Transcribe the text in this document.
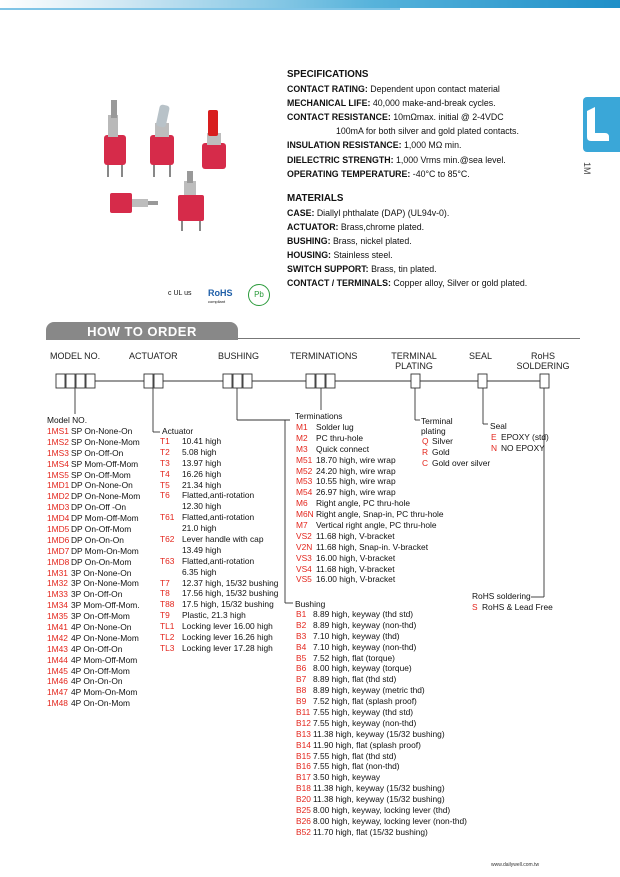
c UL us RoHS
compliant
Pb
SPECIFICATIONS
CONTACT RATING: Dependent upon contact material
MECHANICAL LIFE: 40,000 make-and-break cycles.
CONTACT RESISTANCE: 10mΩmax. initial @ 2-4VDC
100mA for both silver and gold plated contacts.
INSULATION RESISTANCE: 1,000 MΩ min.
DIELECTRIC STRENGTH: 1,000 Vrms min.@sea level.
OPERATING TEMPERATURE: -40°C to 85°C.
MATERIALS
CASE: Diallyl phthalate (DAP) (UL94v-0).
ACTUATOR: Brass,chrome plated.
BUSHING: Brass, nickel plated.
HOUSING: Stainless steel.
SWITCH SUPPORT: Brass, tin plated.
CONTACT / TERMINALS: Copper alloy, Silver or gold plated.
1M
HOW TO ORDER
MODEL NO.	ACTUATOR	BUSHING	TERMINATIONS	TERMINAL
PLATING
SEAL	RoHS
SOLDERING
Model NO.
1MS1 SP On-None-On
1MS2 SP On-None-Mom
1MS3 SP On-Off-On
1MS4 SP Mom-Off-Mom
1MS5 SP On-Off-Mom
1MD1 DP On-None-On
1MD2 DP On-None-Mom
1MD3 DP On-Off -On
1MD4 DP Mom-Off-Mom
1MD5 DP On-Off-Mom
1MD6 DP On-On-On
1MD7 DP Mom-On-Mom
1MD8 DP On-On-Mom
1M31 3P On-None-On
1M32 3P On-None-Mom
1M33 3P On-Off-On
1M34 3P Mom-Off-Mom.
1M35 3P On-Off-Mom
1M41 4P On-None-On
1M42 4P On-None-Mom
1M43 4P On-Off-On
1M44 4P Mom-Off-Mom
1M45 4P On-Off-Mom
1M46 4P On-On-On
1M47 4P Mom-On-Mom
1M48 4P On-On-Mom
Actuator
T1 10.41 high
T2 5.08 high
T3 13.97 high
T4 16.26 high
T5 21.34 high
T6 Flatted,anti-rotation
12.30 high
T61 Flatted,anti-rotation
21.0 high
T62 Lever handle with cap
13.49 high
T63 Flatted,anti-rotation
6.35 high
T7 12.37 high, 15/32 bushing
T8 17.56 high, 15/32 bushing
T88 17.5 high, 15/32 bushing
T9 Plastic, 21.3 high
TL1 Locking lever 16.00 high
TL2 Locking lever 16.26 high
TL3 Locking lever 17.28 high
Terminations
M1 Solder lug
M2 PC thru-hole
M3 Quick connect
M51 18.70 high, wire wrap
M52 24.20 high, wire wrap
M53 10.55 high, wire wrap
M54 26.97 high, wire wrap
M6 Right angle, PC thru-hole
M6N Right angle, Snap-in, PC thru-hole
M7 Vertical right angle, PC thru-hole
VS2 11.68 high, V-bracket
V2N 11.68 high, Snap-in. V-bracket
VS3 16.00 high, V-bracket
VS4 11.68 high, V-bracket
VS5 16.00 high, V-bracket
Bushing
B1 8.89 high, keyway (thd std)
B2 8.89 high, keyway (non-thd)
B3 7.10 high, keyway (thd)
B4 7.10 high, keyway (non-thd)
B5 7.52 high, flat (torque)
B6 8.00 high, keyway (torque)
B7 8.89 high, flat (thd std)
B8 8.89 high, keyway (metric thd)
B9 7.52 high, flat (splash proof)
B11 7.55 high, keyway (thd std)
B12 7.55 high, keyway (non-thd)
B13 11.38 high, keyway (15/32 bushing)
B14 11.90 high, flat (splash proof)
B15 7.55 high, flat (thd std)
B16 7.55 high, flat (non-thd)
B17 3.50 high, keyway
B18 11.38 high, keyway (15/32 bushing)
B20 11.38 high, keyway (15/32 bushing)
B25 8.00 high, keyway, locking lever (thd)
B26 8.00 high, keyway, locking lever (non-thd)
B52 11.70 high, flat (15/32 bushing)
Terminal
plating
Q Silver
R Gold
C Gold over silver
Seal
E EPOXY (std)
N NO EPOXY
RoHS soldering
S RoHS & Lead Free
www.dailywell.com.tw
